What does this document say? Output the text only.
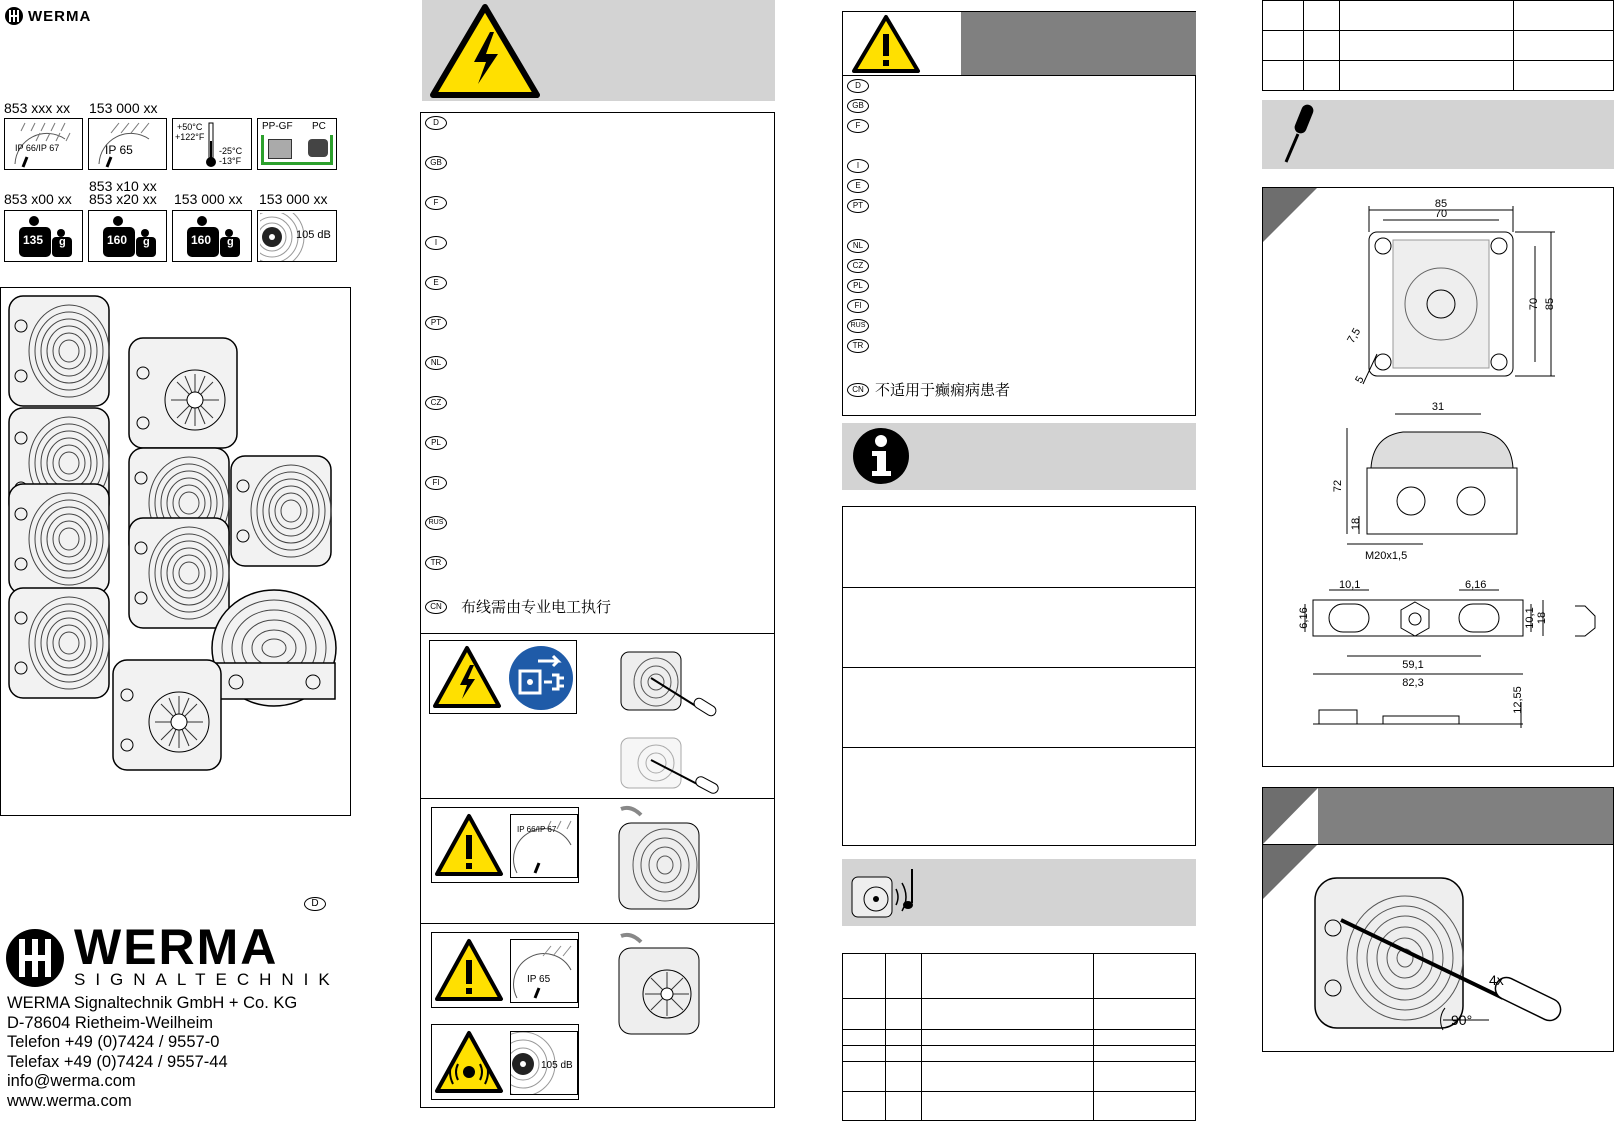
WERMA
853 xxx xx 153 000 xx
IP 66/IP 67	IP 65
+50°C
+122°F
-25°C
-13°F
PP-GF PC
853 x00 xx
853 x10 xx
853 x20 xx 153 000 xx 153 000 xx
135 g	160 g	160 g
105 dB
D
WERMA
SIGNALTECHNIK
WERMA Signaltechnik GmbH + Co. KG
D-78604 Rietheim-Weilheim
Telefon +49 (0)7424 / 9557-0
Telefax +49 (0)7424 / 9557-44
info@werma.com
www.werma.com
D
GB
F
I
E
PT
NL
CZ
PL
FI
RUS
TR
CN	布线需由专业电工执行
IP 66/IP 67
IP 65
105 dB
D
GB
F
I
E
PT
NL
CZ
PL
FI
RUS
TR
CN 不适用于癫痫病患者
85
70
70 85
7,5
5
31
72
18
M20x1,5
10,1	6,16
6,16	10,1 18
59,1
82,3
12,55
4x
90°
